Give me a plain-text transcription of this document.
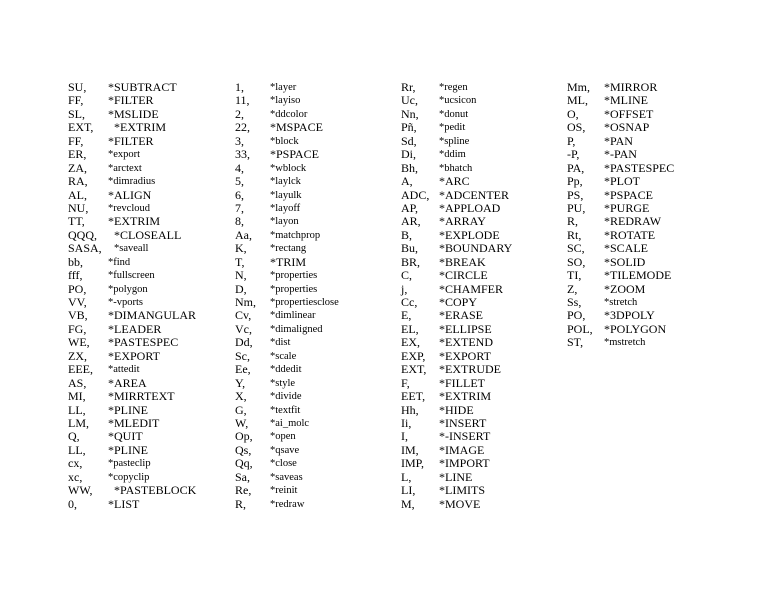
SU, *SUBTRACT
FF, *FILTER
SL, *MSLIDE
EXT, *EXTRIM
FF, *FILTER
ER, *export
ZA, *arctext
RA, *dimradius
AL, *ALIGN
NU, *revcloud
TT, *EXTRIM
QQQ, *CLOSEALL
SASA, *saveall
bb, *find
fff, *fullscreen
PO, *polygon
VV, *-vports
VB, *DIMANGULAR
FG, *LEADER
WE, *PASTESPEC
ZX, *EXPORT
EEE, *attedit
AS, *AREA
MI, *MIRRTEXT
LL, *PLINE
LM, *MLEDIT
Q, *QUIT
LL, *PLINE
cx, *pasteclip
xc, *copyclip
WW, *PASTEBLOCK
0,	*LIST
1, *layer
11, *layiso
2, *ddcolor
22, *MSPACE
3, *block
33, *PSPACE
4, *wblock
5, *laylck
6, *layulk
7, *layoff
8, *layon
Aa, *matchprop
K, *rectang
T, *TRIM
N, *properties
D, *properties
Nm, *propertiesclose
Cv, *dimlinear
Vc, *dimaligned
Dd, *dist
Sc, *scale
Ee, *ddedit
Y, *style
X, *divide
G, *textfit
W, *ai_molc
Op, *open
Qs, *qsave
Qq, *close
Sa, *saveas
Re, *reinit
R, *redraw
Rr, *regen
Uc, *ucsicon
Nn, *donut
Pñ, *pedit
Sd, *spline
Di, *ddim
Bh, *bhatch
A, *ARC
ADC, *ADCENTER
AP, *APPLOAD
AR, *ARRAY
B, *EXPLODE
Bu, *BOUNDARY
BR, *BREAK
C, *CIRCLE
j,	*CHAMFER
Cc, *COPY
E, *ERASE
EL, *ELLIPSE
EX, *EXTEND
EXP, *EXPORT
EXT, *EXTRUDE
F, *FILLET
EET, *EXTRIM
Hh, *HIDE
Ii, *INSERT
I,	*-INSERT
IM, *IMAGE
IMP, *IMPORT
L, *LINE
LI, *LIMITS
M, *MOVE
Mm, *MIRROR
ML, *MLINE
O, *OFFSET
OS, *OSNAP
P, *PAN
-P, *-PAN
PA, *PASTESPEC
Pp, *PLOT
PS, *PSPACE
PU, *PURGE
R, *REDRAW
Rt, *ROTATE
SC, *SCALE
SO, *SOLID
TI, *TILEMODE
Z, *ZOOM
Ss, *stretch
PO, *3DPOLY
POL, *POLYGON
ST, *mstretch
